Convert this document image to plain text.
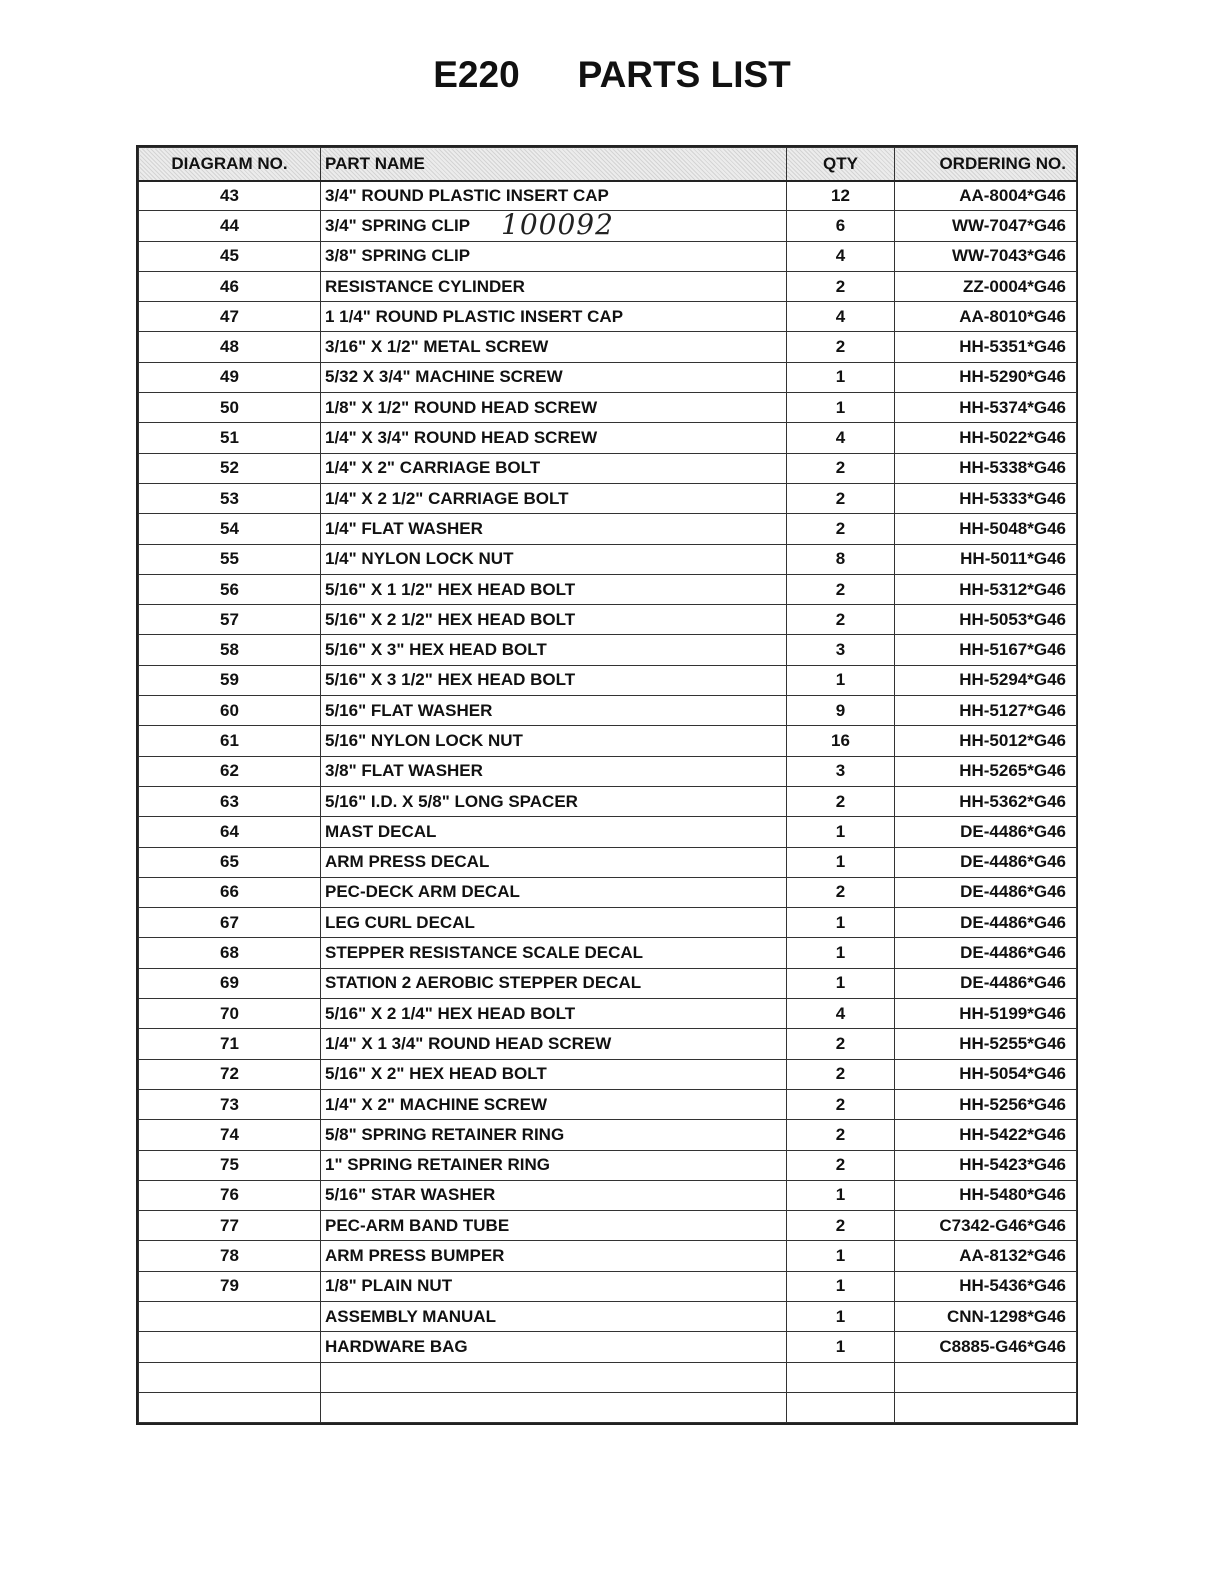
E220 PARTS LIST
DIAGRAM NO.	PART NAME	QTY	ORDERING NO.
43	3/4" ROUND PLASTIC INSERT CAP	12	AA-8004*G46
44	3/4" SPRING CLIP 100092	6	WW-7047*G46
45	3/8" SPRING CLIP	4	WW-7043*G46
46	RESISTANCE CYLINDER	2	ZZ-0004*G46
47	1 1/4" ROUND PLASTIC INSERT CAP	4	AA-8010*G46
48	3/16" X 1/2" METAL SCREW	2	HH-5351*G46
49	5/32 X 3/4" MACHINE SCREW	1	HH-5290*G46
50	1/8" X 1/2" ROUND HEAD SCREW	1	HH-5374*G46
51	1/4" X 3/4" ROUND HEAD SCREW	4	HH-5022*G46
52	1/4" X 2" CARRIAGE BOLT	2	HH-5338*G46
53	1/4" X 2 1/2" CARRIAGE BOLT	2	HH-5333*G46
54	1/4" FLAT WASHER	2	HH-5048*G46
55	1/4" NYLON LOCK NUT	8	HH-5011*G46
56	5/16" X 1 1/2" HEX HEAD BOLT	2	HH-5312*G46
57	5/16" X 2 1/2" HEX HEAD BOLT	2	HH-5053*G46
58	5/16" X 3" HEX HEAD BOLT	3	HH-5167*G46
59	5/16" X 3 1/2" HEX HEAD BOLT	1	HH-5294*G46
60	5/16" FLAT WASHER	9	HH-5127*G46
61	5/16" NYLON LOCK NUT	16	HH-5012*G46
62	3/8" FLAT WASHER	3	HH-5265*G46
63	5/16" I.D. X 5/8" LONG SPACER	2	HH-5362*G46
64	MAST DECAL	1	DE-4486*G46
65	ARM PRESS DECAL	1	DE-4486*G46
66	PEC-DECK ARM DECAL	2	DE-4486*G46
67	LEG CURL DECAL	1	DE-4486*G46
68	STEPPER RESISTANCE SCALE DECAL	1	DE-4486*G46
69	STATION 2 AEROBIC STEPPER DECAL	1	DE-4486*G46
70	5/16" X 2 1/4" HEX HEAD BOLT	4	HH-5199*G46
71	1/4" X 1 3/4" ROUND HEAD SCREW	2	HH-5255*G46
72	5/16" X 2" HEX HEAD BOLT	2	HH-5054*G46
73	1/4" X 2" MACHINE SCREW	2	HH-5256*G46
74	5/8" SPRING RETAINER RING	2	HH-5422*G46
75	1" SPRING RETAINER RING	2	HH-5423*G46
76	5/16" STAR WASHER	1	HH-5480*G46
77	PEC-ARM BAND TUBE	2	C7342-G46*G46
78	ARM PRESS BUMPER	1	AA-8132*G46
79	1/8" PLAIN NUT	1	HH-5436*G46
	ASSEMBLY MANUAL	1	CNN-1298*G46
	HARDWARE BAG	1	C8885-G46*G46
